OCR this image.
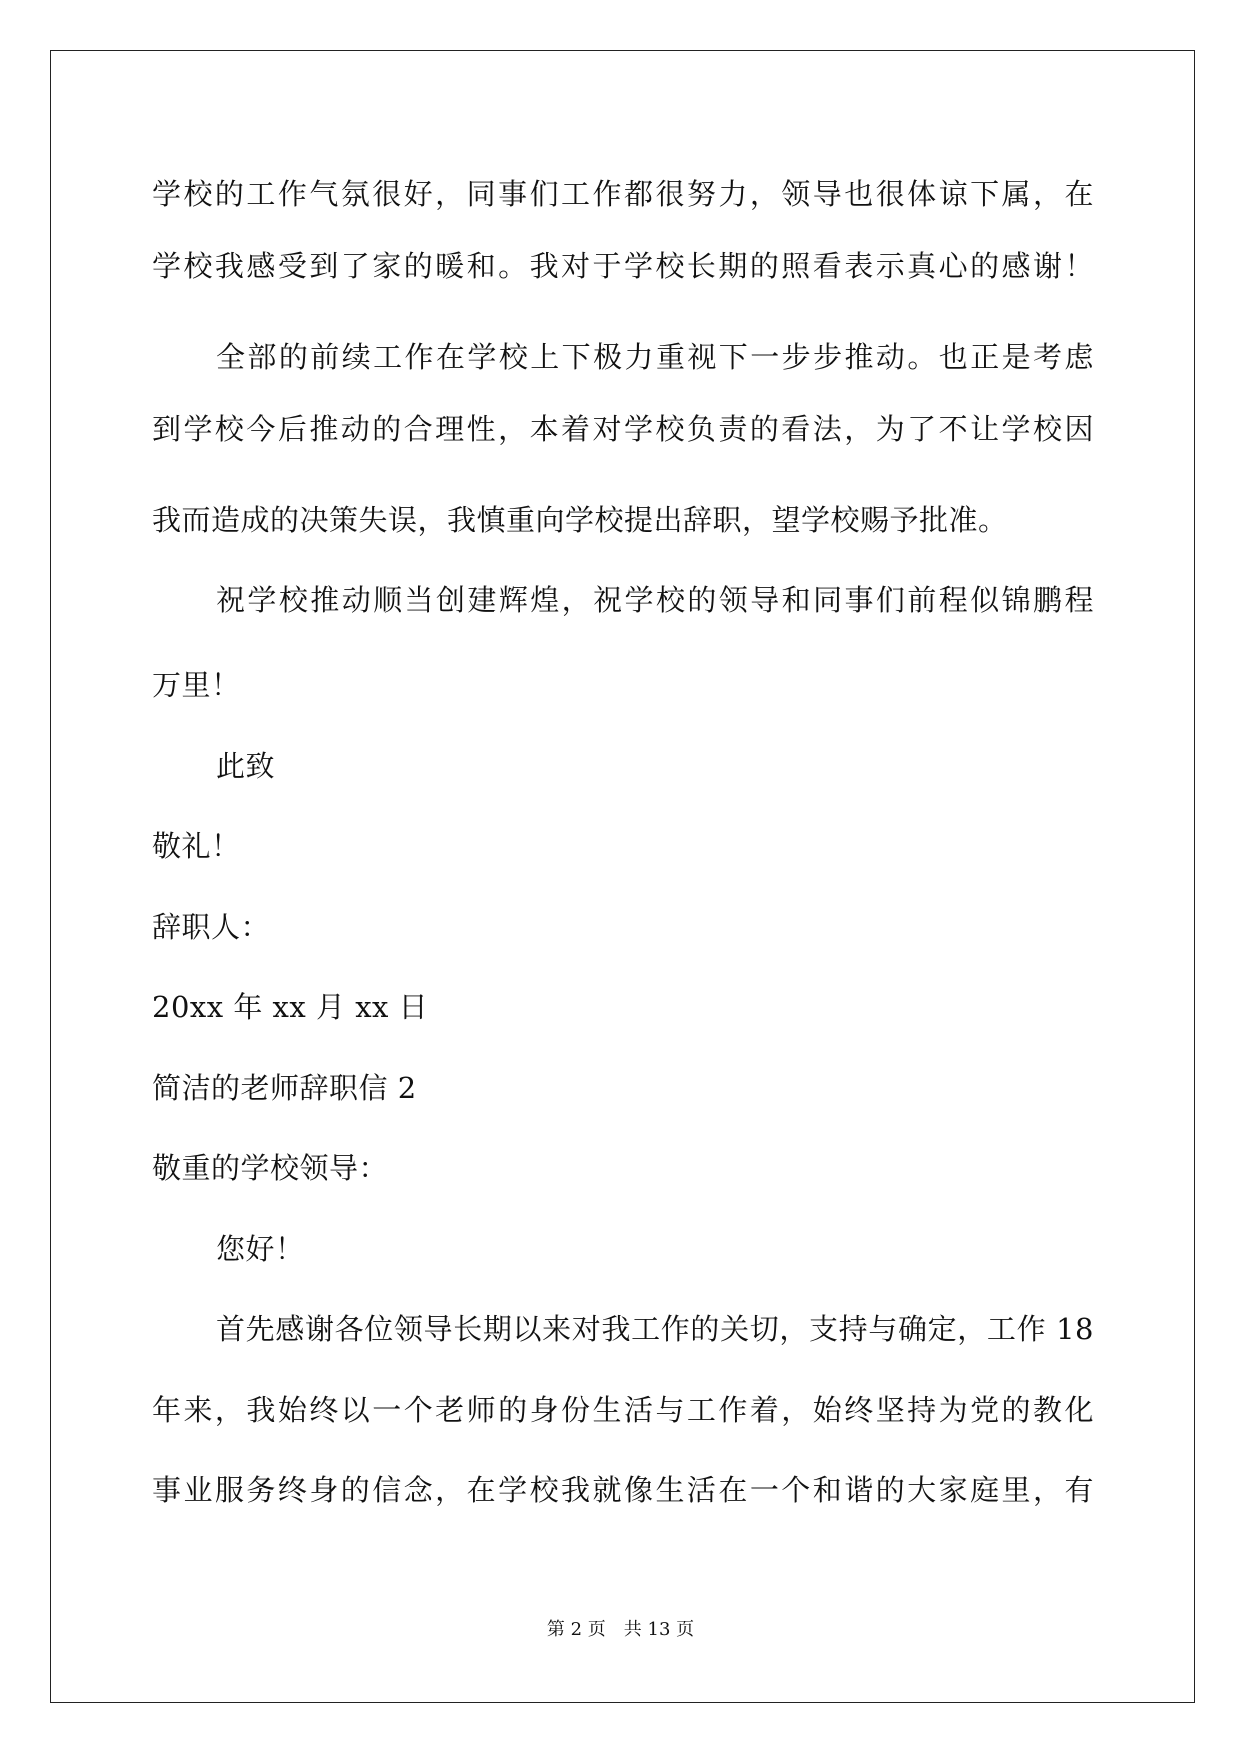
学校的工作气氛很好，同事们工作都很努力，领导也很体谅下属，在
学校我感受到了家的暖和。我对于学校长期的照看表示真心的感谢！
全部的前续工作在学校上下极力重视下一步步推动。也正是考虑
到学校今后推动的合理性，本着对学校负责的看法，为了不让学校因
我而造成的决策失误，我慎重向学校提出辞职，望学校赐予批准。
祝学校推动顺当创建辉煌，祝学校的领导和同事们前程似锦鹏程
万里！
此致
敬礼！
辞职人：
20xx 年 xx 月 xx 日
简洁的老师辞职信 2
敬重的学校领导：
您好！
首先感谢各位领导长期以来对我工作的关切，支持与确定，工作 18
年来，我始终以一个老师的身份生活与工作着，始终坚持为党的教化
事业服务终身的信念，在学校我就像生活在一个和谐的大家庭里，有
第 2 页　共 13 页
